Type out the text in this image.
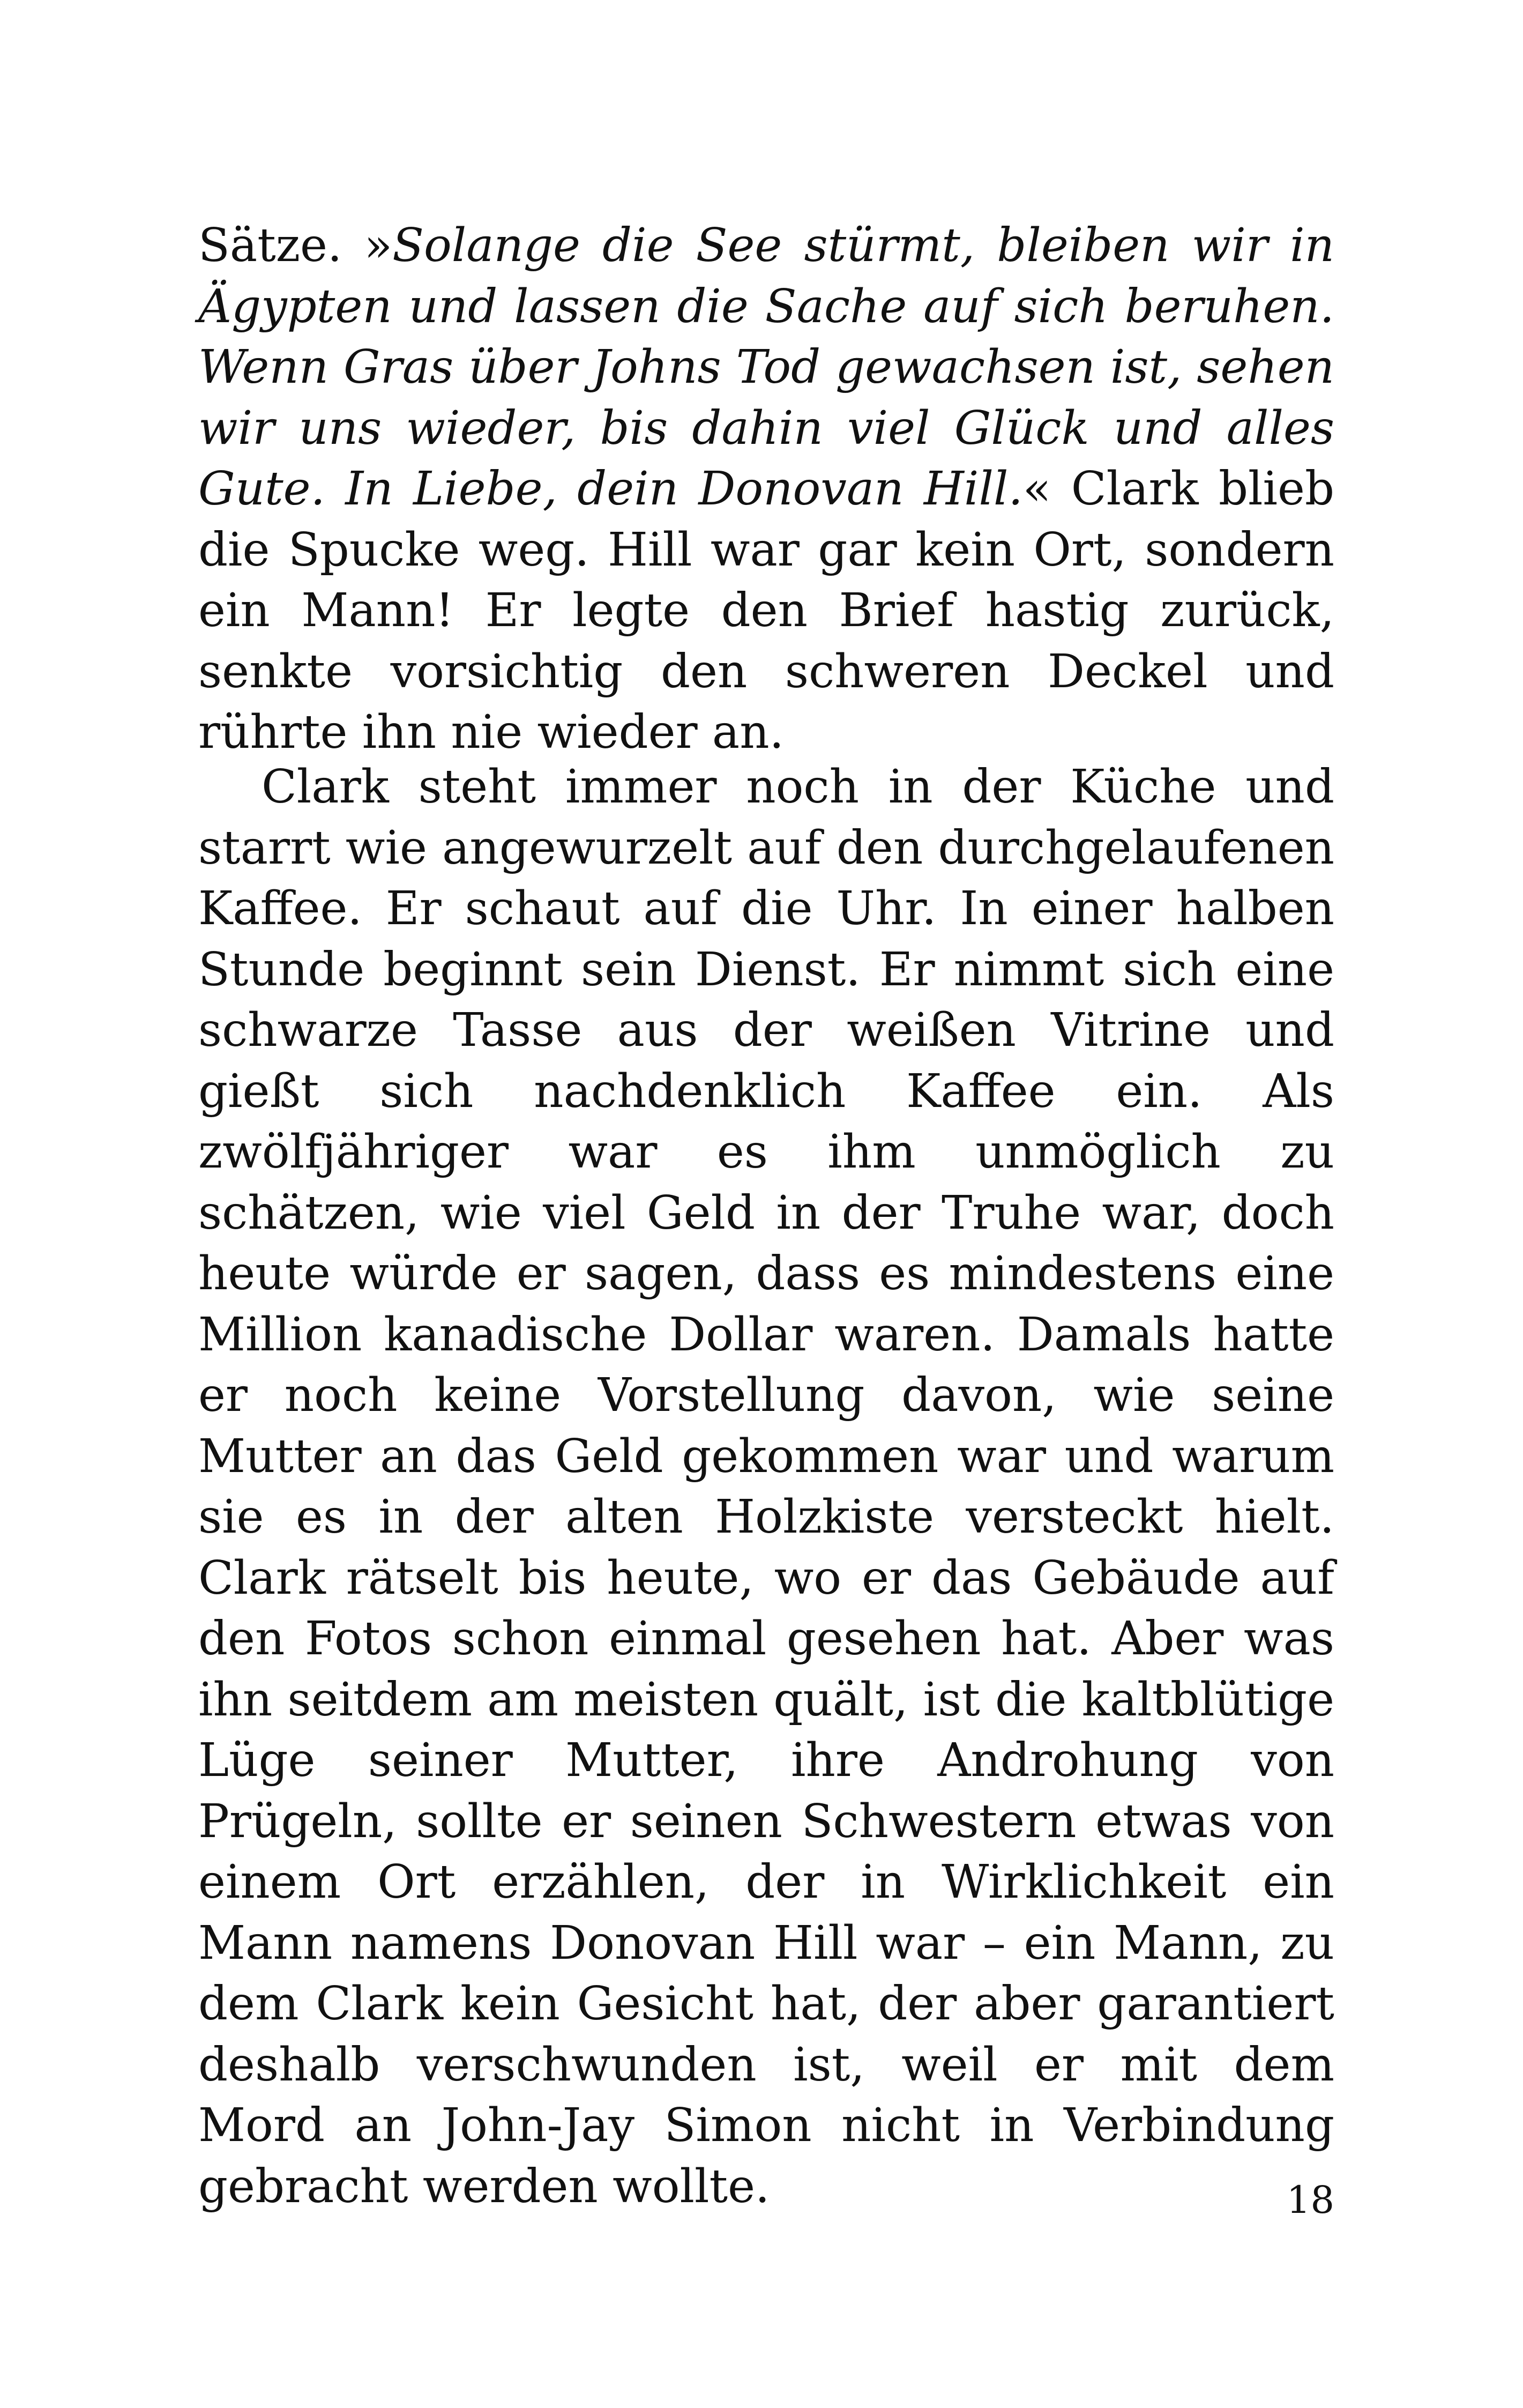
Sätze. »Solange die See stürmt, bleiben wir in Ägypten und lassen die Sache auf sich beruhen. Wenn Gras über Johns Tod gewachsen ist, sehen wir uns wieder, bis dahin viel Glück und alles Gute. In Liebe, dein Donovan Hill.« Clark blieb die Spucke weg. Hill war gar kein Ort, sondern ein Mann! Er legte den Brief hastig zurück, senkte vorsichtig den schweren Deckel und rührte ihn nie wieder an.

Clark steht immer noch in der Küche und starrt wie angewurzelt auf den durchgelaufenen Kaffee. Er schaut auf die Uhr. In einer halben Stunde beginnt sein Dienst. Er nimmt sich eine schwarze Tasse aus der weißen Vitrine und gießt sich nachdenklich Kaffee ein. Als zwölfjähriger war es ihm unmöglich zu schätzen, wie viel Geld in der Truhe war, doch heute würde er sagen, dass es mindestens eine Million kanadische Dollar waren. Damals hatte er noch keine Vorstellung davon, wie seine Mutter an das Geld gekommen war und warum sie es in der alten Holzkiste versteckt hielt. Clark rätselt bis heute, wo er das Gebäude auf den Fotos schon einmal gesehen hat. Aber was ihn seitdem am meisten quält, ist die kaltblütige Lüge seiner Mutter, ihre Androhung von Prügeln, sollte er seinen Schwestern etwas von einem Ort erzählen, der in Wirklichkeit ein Mann namens Donovan Hill war – ein Mann, zu dem Clark kein Gesicht hat, der aber garantiert deshalb verschwunden ist, weil er mit dem Mord an John-Jay Simon nicht in Verbindung gebracht werden wollte.	18
